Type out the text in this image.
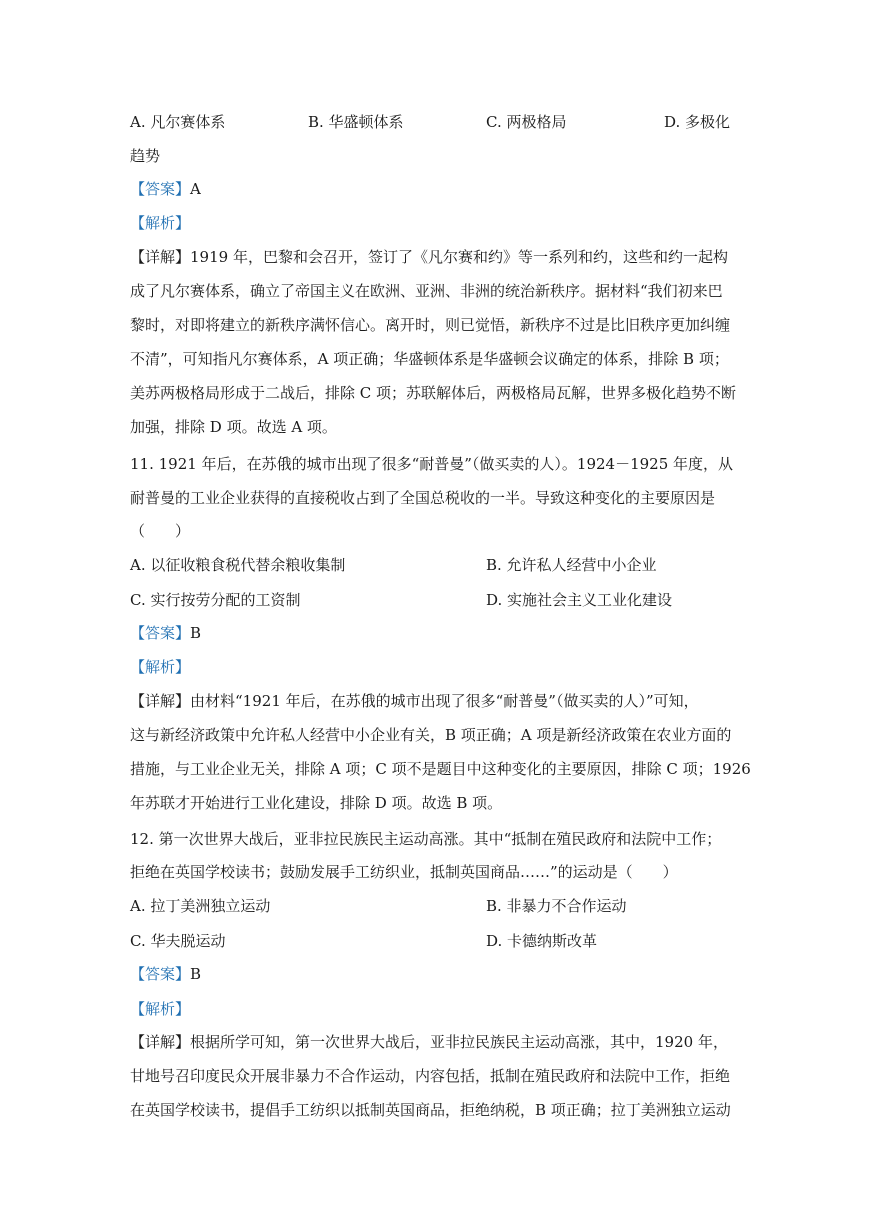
A. 凡尔赛体系	B. 华盛顿体系	C. 两极格局	D. 多极化
趋势
【答案】A
【解析】
【详解】1919 年，巴黎和会召开，签订了《凡尔赛和约》等一系列和约，这些和约一起构
成了凡尔赛体系，确立了帝国主义在欧洲、亚洲、非洲的统治新秩序。据材料“我们初来巴
黎时，对即将建立的新秩序满怀信心。离开时，则已觉悟，新秩序不过是比旧秩序更加纠缠
不清”，可知指凡尔赛体系，A 项正确；华盛顿体系是华盛顿会议确定的体系，排除 B 项；
美苏两极格局形成于二战后，排除 C 项；苏联解体后，两极格局瓦解，世界多极化趋势不断
加强，排除 D 项。故选 A 项。
11. 1921 年后，在苏俄的城市出现了很多“耐普曼”（做买卖的人）。1924－1925 年度，从
耐普曼的工业企业获得的直接税收占到了全国总税收的一半。导致这种变化的主要原因是
（　　）
A. 以征收粮食税代替余粮收集制	B. 允许私人经营中小企业
C. 实行按劳分配的工资制	D. 实施社会主义工业化建设
【答案】B
【解析】
【详解】由材料“1921 年后，在苏俄的城市出现了很多“耐普曼”（做买卖的人）”可知，
这与新经济政策中允许私人经营中小企业有关，B 项正确；A 项是新经济政策在农业方面的
措施，与工业企业无关，排除 A 项；C 项不是题目中这种变化的主要原因，排除 C 项；1926
年苏联才开始进行工业化建设，排除 D 项。故选 B 项。
12. 第一次世界大战后，亚非拉民族民主运动高涨。其中“抵制在殖民政府和法院中工作；
拒绝在英国学校读书；鼓励发展手工纺织业，抵制英国商品……”的运动是（　　）
A. 拉丁美洲独立运动	B. 非暴力不合作运动
C. 华夫脱运动	D. 卡德纳斯改革
【答案】B
【解析】
【详解】根据所学可知，第一次世界大战后，亚非拉民族民主运动高涨，其中，1920 年，
甘地号召印度民众开展非暴力不合作运动，内容包括，抵制在殖民政府和法院中工作，拒绝
在英国学校读书，提倡手工纺织以抵制英国商品，拒绝纳税，B 项正确；拉丁美洲独立运动
